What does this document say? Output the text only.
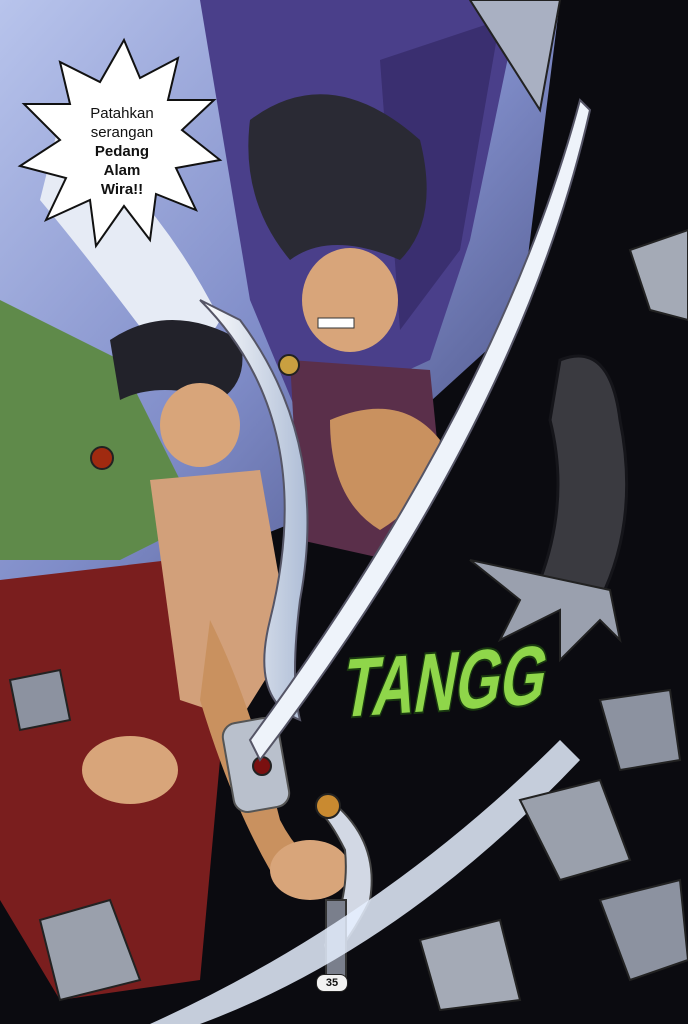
Patahkan
serangan
Pedang
Alam
Wira!!
TANGG
35
